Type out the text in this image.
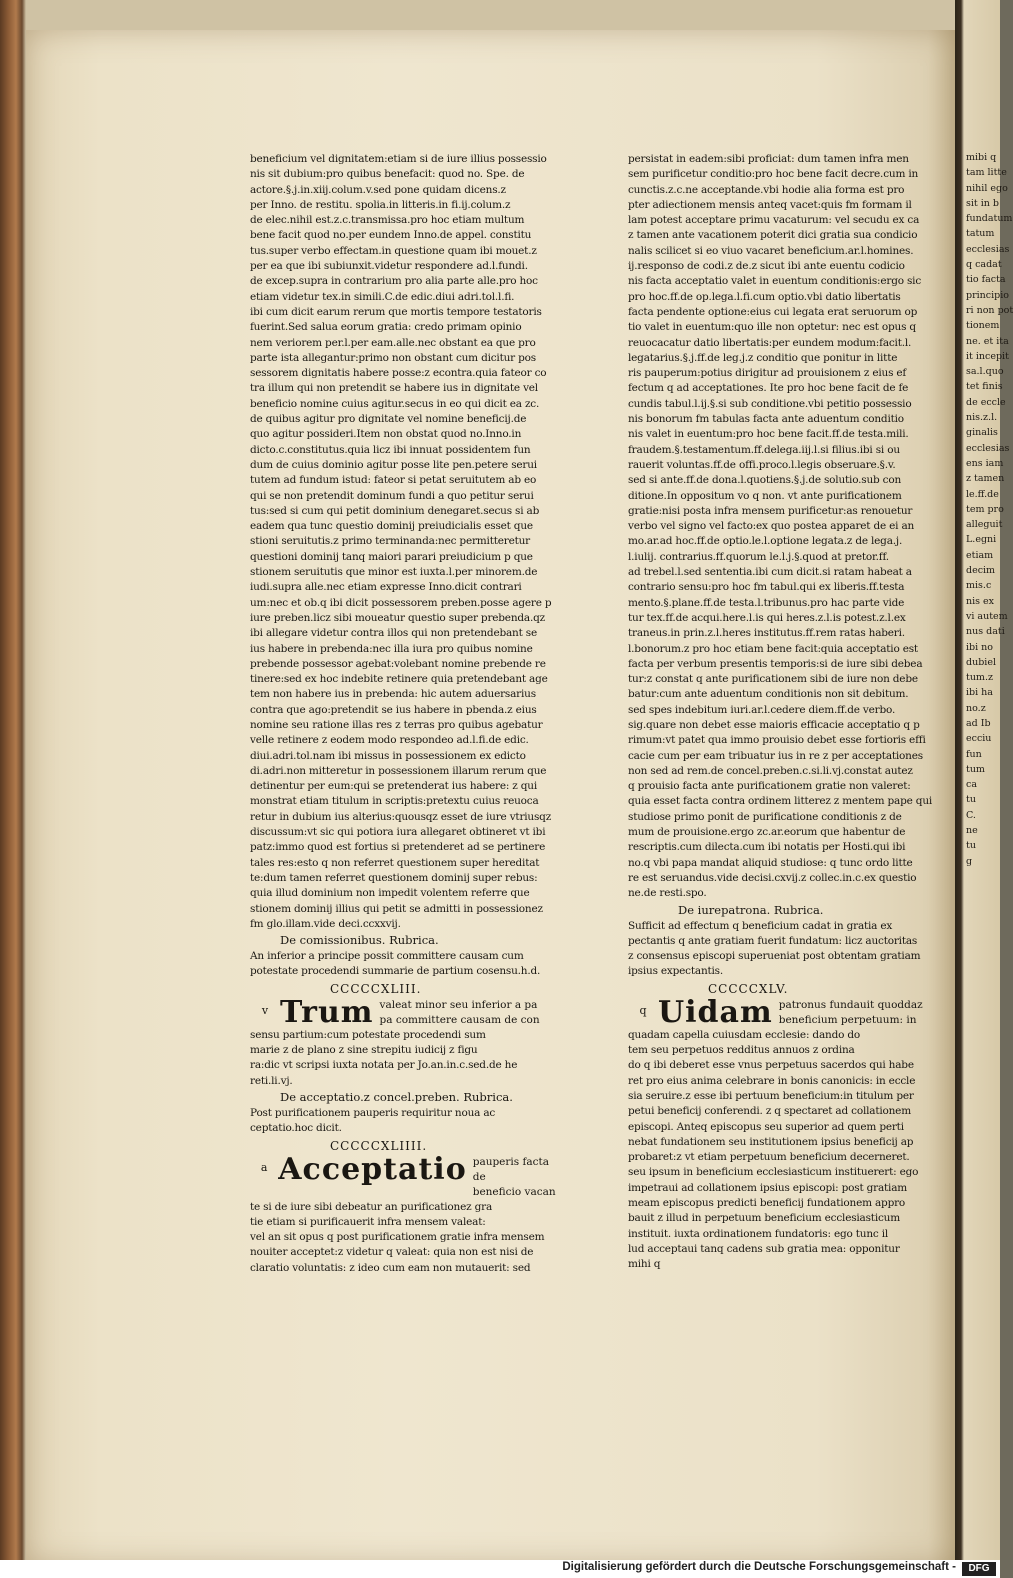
mibi q
tam litte
nihil ego
sit in b
fundatum
tatum
ecclesias
q cadat
tio facta
principio
ri non pot
tionem
ne. et ita
it incepit
sa.l.quo
tet finis
de eccle
nis.z.l.
ginalis
ecclesias
ens iam
z tamen
le.ff.de
tem pro
alleguit
L.egni
etiam
decim
mis.c
nis ex
vi autem
nus dati
ibi no
dubiel
tum.z
ibi ha
no.z
ad Ib
ecciu
fun
tum
ca
tu
C.
ne
tu
g
beneficium vel dignitatem:etiam si de iure illius possessio
nis sit dubium:pro quibus benefacit: quod no. Spe. de
actore.§.j.in.xiij.colum.v.sed pone quidam dicens.z
per Inno. de restitu. spolia.in litteris.in fi.ij.colum.z
de elec.nihil est.z.c.transmissa.pro hoc etiam multum
bene facit quod no.per eundem Inno.de appel. constitu
tus.super verbo effectam.in questione quam ibi mouet.z
per ea que ibi subiunxit.videtur respondere ad.l.fundi.
de excep.supra in contrarium pro alia parte alle.pro hoc
etiam videtur tex.in simili.C.de edic.diui adri.tol.l.fi.
ibi cum dicit earum rerum que mortis tempore testatoris
fuerint.Sed salua eorum gratia: credo primam opinio
nem veriorem per.l.per eam.alle.nec obstant ea que pro
parte ista allegantur:primo non obstant cum dicitur pos
sessorem dignitatis habere posse:z econtra.quia fateor co
tra illum qui non pretendit se habere ius in dignitate vel
beneficio nomine cuius agitur.secus in eo qui dicit ea zc.
de quibus agitur pro dignitate vel nomine beneficij.de
quo agitur possideri.Item non obstat quod no.Inno.in
dicto.c.constitutus.quia licz ibi innuat possidentem fun
dum de cuius dominio agitur posse lite pen.petere serui
tutem ad fundum istud: fateor si petat seruitutem ab eo
qui se non pretendit dominum fundi a quo petitur serui
tus:sed si cum qui petit dominium denegaret.secus si ab
eadem qua tunc questio dominij preiudicialis esset que
stioni seruitutis.z primo terminanda:nec permitteretur
questioni dominij tanq maiori parari preiudicium p que
stionem seruitutis que minor est iuxta.l.per minorem.de
iudi.supra alle.nec etiam expresse Inno.dicit contrari
um:nec et ob.q ibi dicit possessorem preben.posse agere p
iure preben.licz sibi moueatur questio super prebenda.qz
ibi allegare videtur contra illos qui non pretendebant se
ius habere in prebenda:nec illa iura pro quibus nomine
prebende possessor agebat:volebant nomine prebende re
tinere:sed ex hoc indebite retinere quia pretendebant age
tem non habere ius in prebenda: hic autem aduersarius
contra que ago:pretendit se ius habere in pbenda.z eius
nomine seu ratione illas res z terras pro quibus agebatur
velle retinere z eodem modo respondeo ad.l.fi.de edic.
diui.adri.tol.nam ibi missus in possessionem ex edicto
di.adri.non mitteretur in possessionem illarum rerum que
detinentur per eum:qui se pretenderat ius habere: z qui
monstrat etiam titulum in scriptis:pretextu cuius reuoca
retur in dubium ius alterius:quousqz esset de iure vtriusqz
discussum:vt sic qui potiora iura allegaret obtineret vt ibi
patz:immo quod est fortius si pretenderet ad se pertinere
tales res:esto q non referret questionem super hereditat
te:dum tamen referret questionem dominij super rebus:
quia illud dominium non impedit volentem referre que
stionem dominij illius qui petit se admitti in possessionez
fm glo.illam.vide deci.ccxxvij.
De comissionibus. Rubrica.
An inferior a principe possit committere causam cum
potestate procedendi summarie de partium cosensu.h.d.
CCCCCXLIII.
v Trum valeat minor seu inferior a pa
pa committere causam de con
sensu partium:cum potestate procedendi sum
marie z de plano z sine strepitu iudicij z figu
ra:dic vt scripsi iuxta notata per Jo.an.in.c.sed.de he
reti.li.vj.
De acceptatio.z concel.preben. Rubrica.
Post purificationem pauperis requiritur noua ac
ceptatio.hoc dicit.
CCCCCXLIIII.
a Acceptatio pauperis facta de
beneficio vacan
te si de iure sibi debeatur an purificationez gra
tie etiam si purificauerit infra mensem valeat:
vel an sit opus q post purificationem gratie infra mensem
nouiter acceptet:z videtur q valeat: quia non est nisi de
claratio voluntatis: z ideo cum eam non mutauerit: sed
persistat in eadem:sibi proficiat: dum tamen infra men
sem purificetur conditio:pro hoc bene facit decre.cum in
cunctis.z.c.ne acceptande.vbi hodie alia forma est pro
pter adiectionem mensis anteq vacet:quis fm formam il
lam potest acceptare primu vacaturum: vel secudu ex ca
z tamen ante vacationem poterit dici gratia sua condicio
nalis scilicet si eo viuo vacaret beneficium.ar.l.homines.
ij.responso de codi.z de.z sicut ibi ante euentu codicio
nis facta acceptatio valet in euentum conditionis:ergo sic
pro hoc.ff.de op.lega.l.fi.cum optio.vbi datio libertatis
facta pendente optione:eius cui legata erat seruorum op
tio valet in euentum:quo ille non optetur: nec est opus q
reuocacatur datio libertatis:per eundem modum:facit.l.
legatarius.§.j.ff.de leg.j.z conditio que ponitur in litte
ris pauperum:potius dirigitur ad prouisionem z eius ef
fectum q ad acceptationes. Ite pro hoc bene facit de fe
cundis tabul.l.ij.§.si sub conditione.vbi petitio possessio
nis bonorum fm tabulas facta ante aduentum conditio
nis valet in euentum:pro hoc bene facit.ff.de testa.mili.
fraudem.§.testamentum.ff.delega.iij.l.si filius.ibi si ou
rauerit voluntas.ff.de offi.proco.l.legis obseruare.§.v.
sed si ante.ff.de dona.l.quotiens.§.j.de solutio.sub con
ditione.In oppositum vo q non. vt ante purificationem
gratie:nisi posta infra mensem purificetur:as renouetur
verbo vel signo vel facto:ex quo postea apparet de ei an
mo.ar.ad hoc.ff.de optio.le.l.optione legata.z de lega.j.
l.iulij. contrarius.ff.quorum le.l.j.§.quod at pretor.ff.
ad trebel.l.sed sententia.ibi cum dicit.si ratam habeat a
contrario sensu:pro hoc fm tabul.qui ex liberis.ff.testa
mento.§.plane.ff.de testa.l.tribunus.pro hac parte vide
tur tex.ff.de acqui.here.l.is qui heres.z.l.is potest.z.l.ex
traneus.in prin.z.l.heres institutus.ff.rem ratas haberi.
l.bonorum.z pro hoc etiam bene facit:quia acceptatio est
facta per verbum presentis temporis:si de iure sibi debea
tur:z constat q ante purificationem sibi de iure non debe
batur:cum ante aduentum conditionis non sit debitum.
sed spes indebitum iuri.ar.l.cedere diem.ff.de verbo.
sig.quare non debet esse maioris efficacie acceptatio q p
rimum:vt patet qua immo prouisio debet esse fortioris effi
cacie cum per eam tribuatur ius in re z per acceptationes
non sed ad rem.de concel.preben.c.si.li.vj.constat autez
q prouisio facta ante purificationem gratie non valeret:
quia esset facta contra ordinem litterez z mentem pape qui
studiose primo ponit de purificatione conditionis z de
mum de prouisione.ergo zc.ar.eorum que habentur de
rescriptis.cum dilecta.cum ibi notatis per Hosti.qui ibi
no.q vbi papa mandat aliquid studiose: q tunc ordo litte
re est seruandus.vide decisi.cxvij.z collec.in.c.ex questio
ne.de resti.spo.
De iurepatrona. Rubrica.
Sufficit ad effectum q beneficium cadat in gratia ex
pectantis q ante gratiam fuerit fundatum: licz auctoritas
z consensus episcopi superueniat post obtentam gratiam
ipsius expectantis.
CCCCCXLV.
q Uidam patronus fundauit quoddaz
beneficium perpetuum: in
quadam capella cuiusdam ecclesie: dando do
tem seu perpetuos redditus annuos z ordina
do q ibi deberet esse vnus perpetuus sacerdos qui habe
ret pro eius anima celebrare in bonis canonicis: in eccle
sia seruire.z esse ibi pertuum beneficium:in titulum per
petui beneficij conferendi. z q spectaret ad collationem
episcopi. Anteq episcopus seu superior ad quem perti
nebat fundationem seu institutionem ipsius beneficij ap
probaret:z vt etiam perpetuum beneficium decerneret.
seu ipsum in beneficium ecclesiasticum instituerert: ego
impetraui ad collationem ipsius episcopi: post gratiam
meam episcopus predicti beneficij fundationem appro
bauit z illud in perpetuum beneficium ecclesiasticum
instituit. iuxta ordinationem fundatoris: ego tunc il
lud acceptaui tanq cadens sub gratia mea: opponitur
mihi q
Digitalisierung gefördert durch die Deutsche Forschungsgemeinschaft -	DFG
